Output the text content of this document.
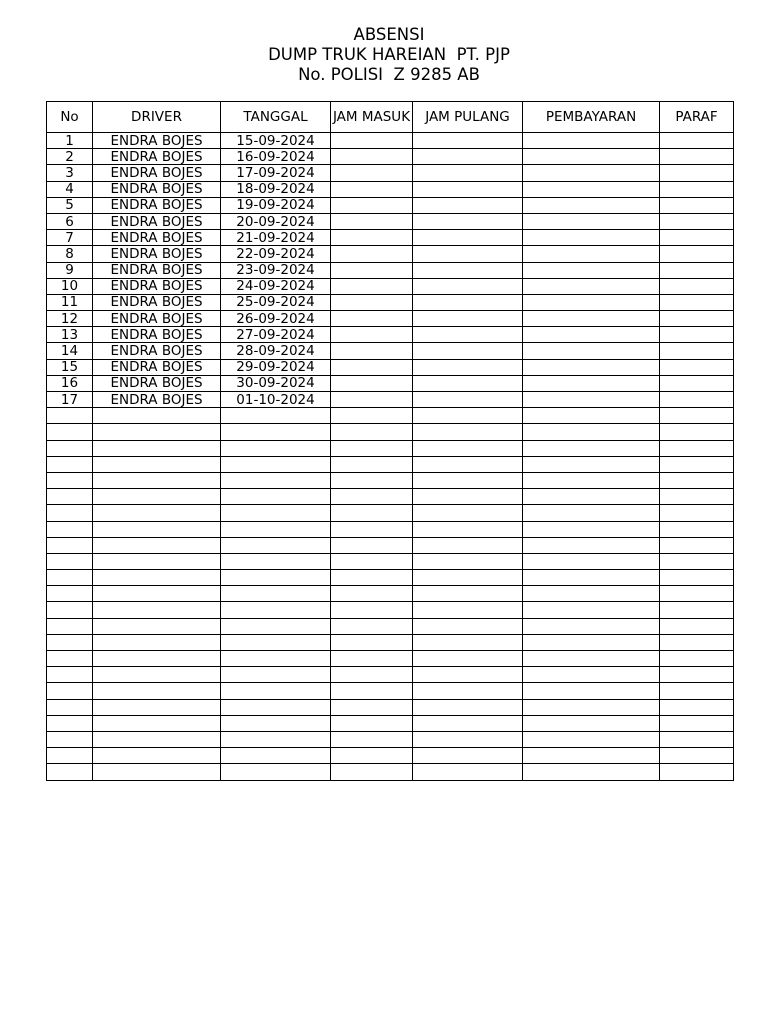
ABSENSI
DUMP TRUK HAREIAN  PT. PJP
No. POLISI  Z 9285 AB
No	DRIVER	TANGGAL	JAM MASUK	JAM PULANG	PEMBAYARAN	PARAF
1	ENDRA BOJES	15-09-2024				
2	ENDRA BOJES	16-09-2024				
3	ENDRA BOJES	17-09-2024				
4	ENDRA BOJES	18-09-2024				
5	ENDRA BOJES	19-09-2024				
6	ENDRA BOJES	20-09-2024				
7	ENDRA BOJES	21-09-2024				
8	ENDRA BOJES	22-09-2024				
9	ENDRA BOJES	23-09-2024				
10	ENDRA BOJES	24-09-2024				
11	ENDRA BOJES	25-09-2024				
12	ENDRA BOJES	26-09-2024				
13	ENDRA BOJES	27-09-2024				
14	ENDRA BOJES	28-09-2024				
15	ENDRA BOJES	29-09-2024				
16	ENDRA BOJES	30-09-2024				
17	ENDRA BOJES	01-10-2024				
